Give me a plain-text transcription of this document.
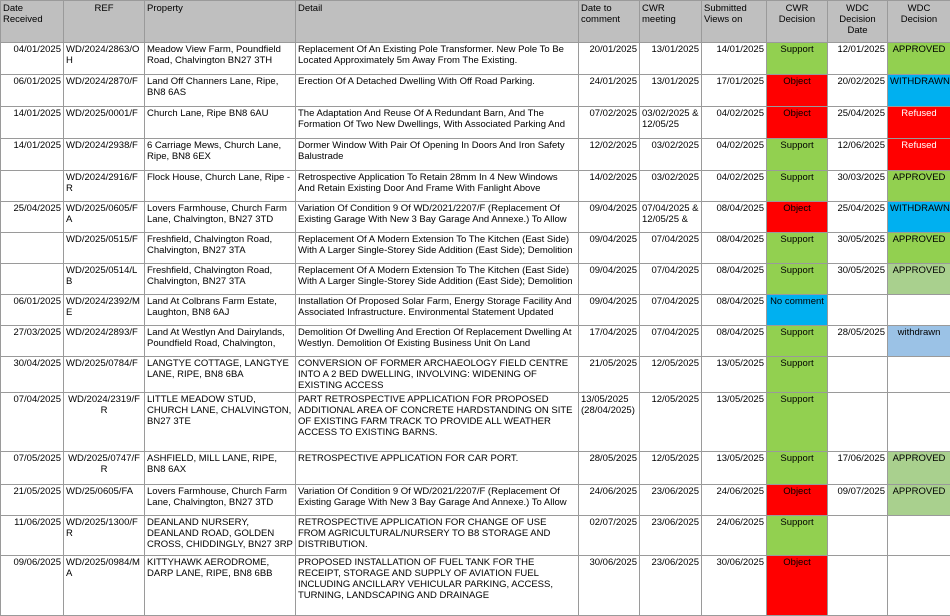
Date Received	REF	Property	Detail	Date to comment	CWR meeting	Submitted Views on	CWR Decision	WDC Decision Date	WDC Decision
04/01/2025	WD/2024/2863/OH	Meadow View Farm, Poundfield Road, Chalvington BN27 3TH	Replacement Of An Existing Pole Transformer. New Pole To Be Located Approximately 5m Away From The Existing.	20/01/2025	13/01/2025	14/01/2025	Support	12/01/2025	APPROVED
06/01/2025	WD/2024/2870/F	Land Off Channers Lane, Ripe, BN8 6AS	Erection Of A Detached Dwelling With Off Road Parking.	24/01/2025	13/01/2025	17/01/2025	Object	20/02/2025	WITHDRAWN
14/01/2025	WD/2025/0001/F	Church Lane, Ripe BN8 6AU	The Adaptation And Reuse Of A Redundant Barn, And The Formation Of Two New Dwellings, With Associated Parking And	07/02/2025	03/02/2025 & 12/05/25	04/02/2025	Object	25/04/2025	Refused
14/01/2025	WD/2024/2938/F	6 Carriage Mews, Church Lane, Ripe, BN8 6EX	Dormer Window With Pair Of Opening In Doors And Iron Safety Balustrade	12/02/2025	03/02/2025	04/02/2025	Support	12/06/2025	Refused
	WD/2024/2916/FR	Flock House, Church Lane, Ripe -	Retrospective Application To Retain 28mm In 4 New Windows And Retain Existing Door And Frame With Fanlight Above	14/02/2025	03/02/2025	04/02/2025	Support	30/03/2025	APPROVED
25/04/2025	WD/2025/0605/FA	Lovers Farmhouse, Church Farm Lane, Chalvington, BN27 3TD	Variation Of Condition 9 Of WD/2021/2207/F (Replacement Of Existing Garage With New 3 Bay Garage And Annexe.) To Allow	09/04/2025	07/04/2025 & 12/05/25 &	08/04/2025	Object	25/04/2025	WITHDRAWN
	WD/2025/0515/F	Freshfield, Chalvington Road, Chalvington, BN27 3TA	Replacement Of A Modern Extension To The Kitchen (East Side) With A Larger Single-Storey Side Addition (East Side); Demolition	09/04/2025	07/04/2025	08/04/2025	Support	30/05/2025	APPROVED
	WD/2025/0514/LB	Freshfield, Chalvington Road, Chalvington, BN27 3TA	Replacement Of A Modern Extension To The Kitchen (East Side) With A Larger Single-Storey Side Addition (East Side); Demolition	09/04/2025	07/04/2025	08/04/2025	Support	30/05/2025	APPROVED
06/01/2025	WD/2024/2392/ME	Land At Colbrans Farm Estate, Laughton, BN8 6AJ	Installation Of Proposed Solar Farm, Energy Storage Facility And Associated Infrastructure. Environmental Statement Updated	09/04/2025	07/04/2025	08/04/2025	No comment		
27/03/2025	WD/2024/2893/F	Land At Westlyn And Dairylands, Poundfield Road, Chalvington,	Demolition Of Dwelling And Erection Of Replacement Dwelling At Westlyn. Demolition Of Existing Business Unit On Land	17/04/2025	07/04/2025	08/04/2025	Support	28/05/2025	withdrawn
30/04/2025	WD/2025/0784/F	LANGTYE COTTAGE, LANGTYE LANE, RIPE, BN8 6BA	CONVERSION OF FORMER ARCHAEOLOGY FIELD CENTRE INTO A 2 BED DWELLING, INVOLVING: WIDENING OF EXISTING ACCESS	21/05/2025	12/05/2025	13/05/2025	Support		
07/04/2025	WD/2024/2319/F R	LITTLE MEADOW STUD, CHURCH LANE, CHALVINGTON, BN27 3TE	PART RETROSPECTIVE APPLICATION FOR PROPOSED ADDITIONAL AREA OF CONCRETE HARDSTANDING ON SITE OF EXISTING FARM TRACK TO PROVIDE ALL WEATHER ACCESS TO EXISTING BARNS.	13/05/2025 (28/04/2025)	12/05/2025	13/05/2025	Support		
07/05/2025	WD/2025/0747/F R	ASHFIELD, MILL LANE, RIPE, BN8 6AX	RETROSPECTIVE APPLICATION FOR CAR PORT.	28/05/2025	12/05/2025	13/05/2025	Support	17/06/2025	APPROVED
21/05/2025	WD/25/0605/FA	Lovers Farmhouse, Church Farm Lane, Chalvington, BN27 3TD	Variation Of Condition 9 Of WD/2021/2207/F (Replacement Of Existing Garage With New 3 Bay Garage And Annexe.) To Allow	24/06/2025	23/06/2025	24/06/2025	Object	09/07/2025	APPROVED
11/06/2025	WD/2025/1300/FR	DEANLAND NURSERY, DEANLAND ROAD, GOLDEN CROSS, CHIDDINGLY, BN27 3RP	RETROSPECTIVE APPLICATION FOR CHANGE OF USE FROM AGRICULTURAL/NURSERY TO B8 STORAGE AND DISTRIBUTION.	02/07/2025	23/06/2025	24/06/2025	Support		
09/06/2025	WD/2025/0984/MA	KITTYHAWK AERODROME, DARP LANE, RIPE, BN8 6BB	PROPOSED INSTALLATION OF FUEL TANK FOR THE RECEIPT, STORAGE AND SUPPLY OF AVIATION FUEL INCLUDING ANCILLARY VEHICULAR PARKING, ACCESS, TURNING, LANDSCAPING AND DRAINAGE	30/06/2025	23/06/2025	30/06/2025	Object		
